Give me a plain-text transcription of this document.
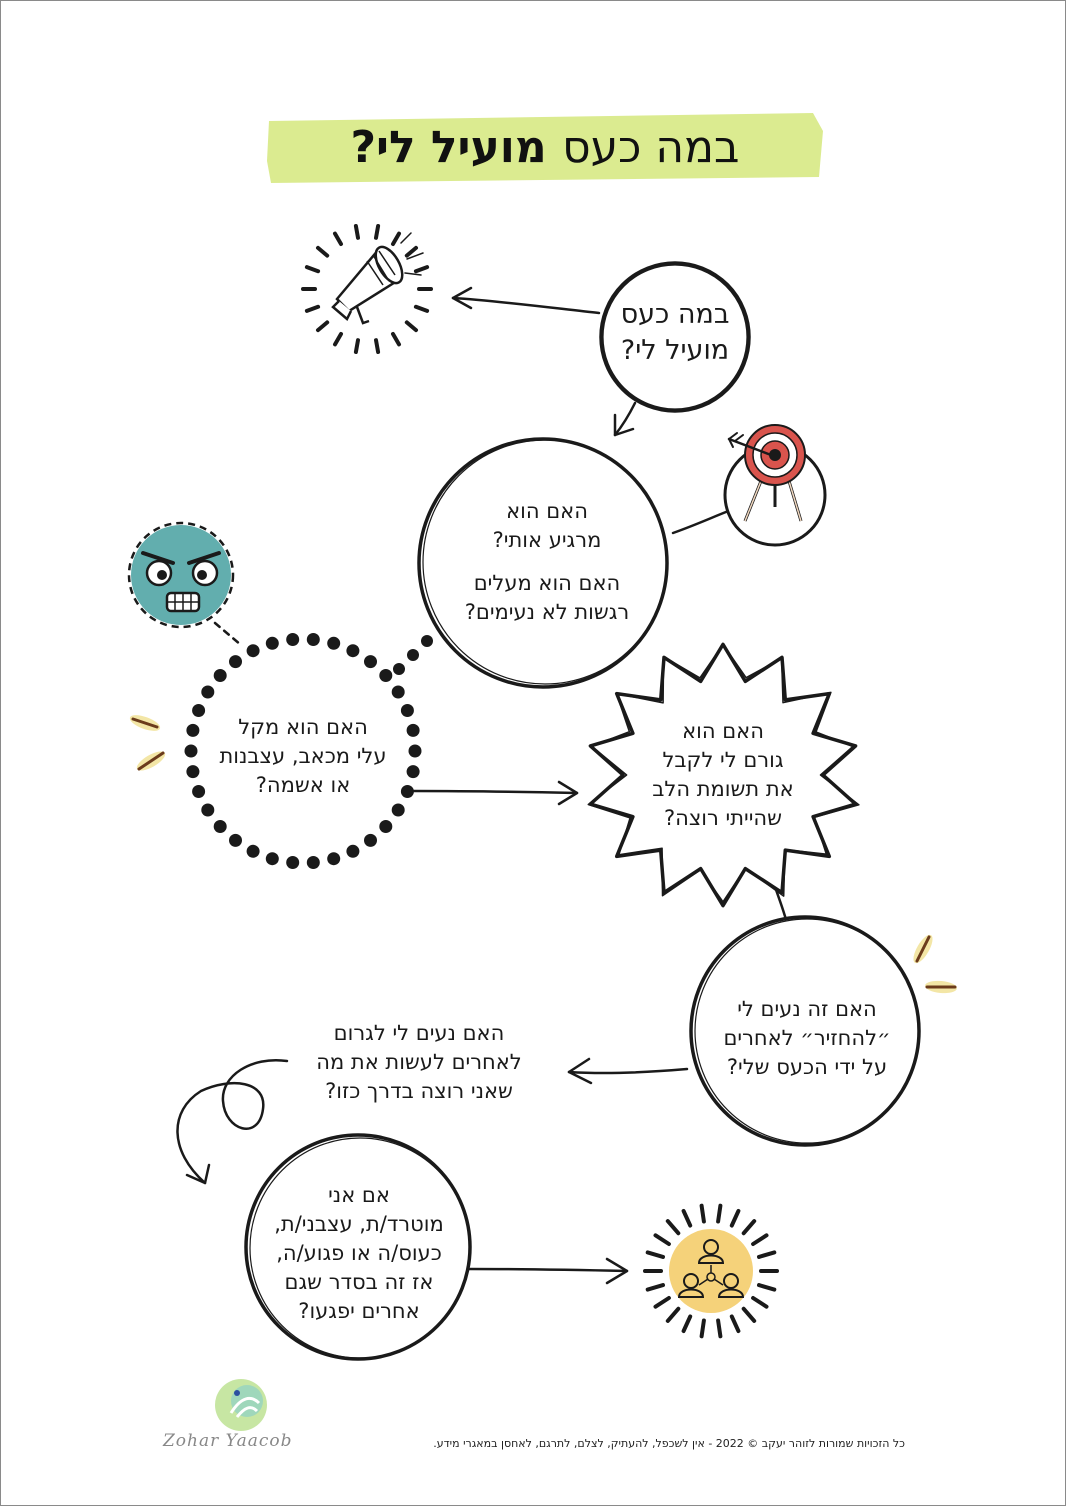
במה כעס מועיל לי?
במה כעס
מועיל לי?
האם הוא
מרגיע אותי?
האם הוא מעלים
רגשות לא נעימים?
האם הוא מקל
עלי מכאב, עצבנות
או אשמה?
האם הוא
גורם לי לקבל
את תשומת הלב
שהייתי רוצה?
האם זה נעים לי
״להחזיר״ לאחרים
על ידי הכעס שלי?
האם נעים לי לגרום
לאחרים לעשות את מה
שאני רוצה בדרך כזו?
אם אני
מוטרד/ת, עצבני/ת,
כעוס/ה או פגוע/ה,
אז זה בסדר שגם
אחרים יפגעו?
Zohar Yaacob	כל הזכויות שמורות לזוהר יעקב © 2022 - אין לשכפל, להעתיק, לצלם, לתרגם, לאחסן במאגרי מידע.
